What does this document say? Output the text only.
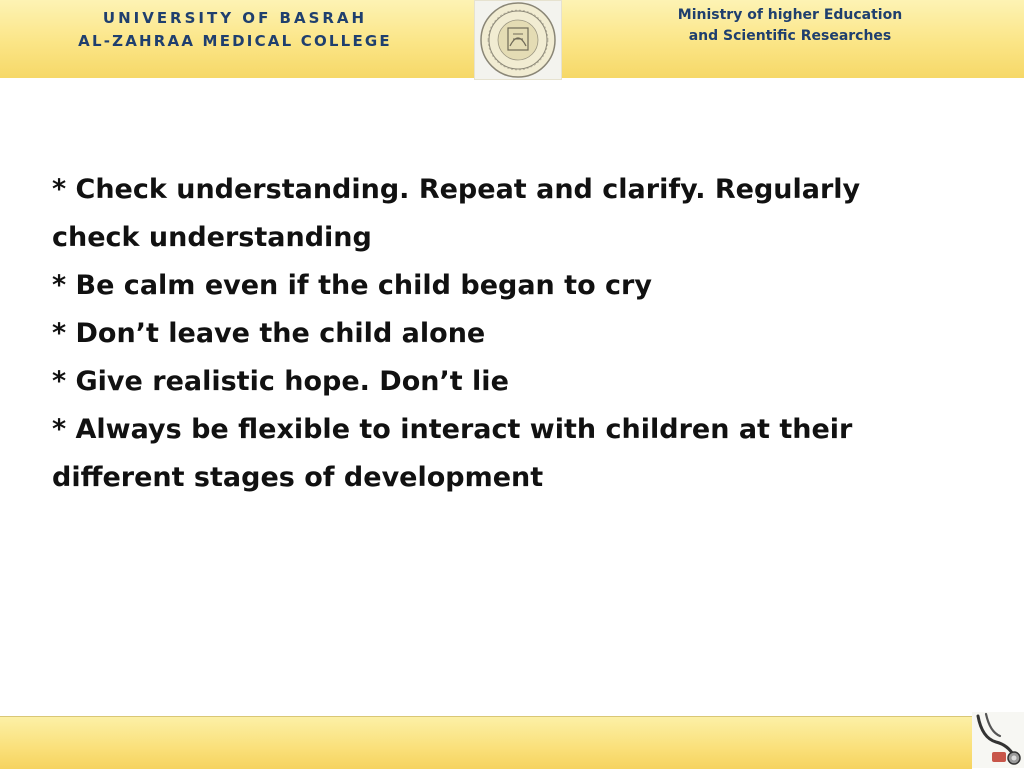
UNIVERSITY OF BASRAH
AL-ZAHRAA MEDICAL COLLEGE
Ministry of higher Education
and Scientific Researches
* Check understanding. Repeat and clarify. Regularly
check understanding
* Be calm even if the child began to cry
* Don’t leave the child alone
* Give realistic hope. Don’t lie
* Always be flexible to interact with children at their
different stages of development
